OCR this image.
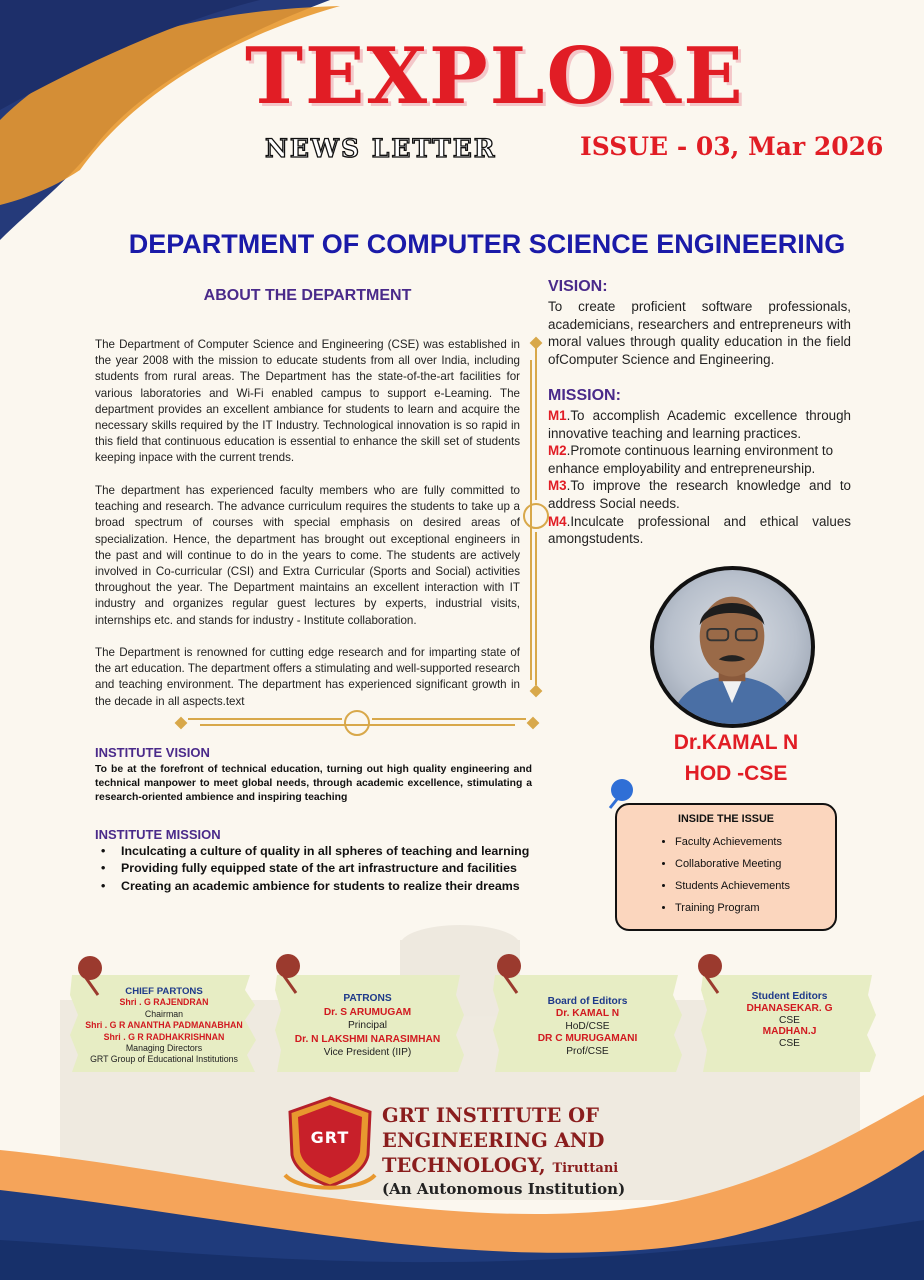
TEXPLORE
NEWS LETTER	ISSUE - 03, Mar 2026
DEPARTMENT OF COMPUTER SCIENCE ENGINEERING
ABOUT THE DEPARTMENT
The Department of Computer Science and Engineering (CSE) was established in the year 2008 with the mission to educate students from all over India, including students from rural areas. The Department has the state-of-the-art facilities for various laboratories and Wi-Fi enabled campus to support e-Leaming. The department provides an excellent ambiance for students to learn and acquire the necessary skills required by the IT Industry. Technological innovation is so rapid in this field that continuous education is essential to enhance the skill set of students keeping inpace with the current trends.
The department has experienced faculty members who are fully committed to teaching and research. The advance curriculum requires the students to take up a broad spectrum of courses with special emphasis on desired areas of specialization. Hence, the department has brought out exceptional engineers in the past and will continue to do in the years to come. The students are actively involved in Co-curricular (CSI) and Extra Curricular (Sports and Social) activities throughout the year. The Department maintains an excellent interaction with IT industry and organizes regular guest lectures by experts, industrial visits, internships etc. and stands for industry - Institute collaboration.
The Department is renowned for cutting edge research and for imparting state of the art education. The department offers a stimulating and well-supported research and teaching environment. The department has experienced significant growth in the decade in all aspects.text
VISION:
To create proficient software professionals, academicians, researchers and entrepreneurs with moral values through quality education in the field ofComputer Science and Engineering.
MISSION:
M1.To accomplish Academic excellence through innovative teaching and learning practices.
M2.Promote continuous learning environment to
enhance employability and entrepreneurship.
M3.To improve the research knowledge and to address Social needs.
M4.Inculcate professional and ethical values amongstudents.
Dr.KAMAL N
HOD -CSE
INSIDE THE ISSUE
• Faculty Achievements
• Collaborative Meeting
• Students Achievements
• Training Program
INSTITUTE VISION
To be at the forefront of technical education, turning out high quality engineering and technical manpower to meet global needs, through academic excellence, stimulating a research-oriented ambience and inspiring teaching
INSTITUTE MISSION
• Inculcating a culture of quality in all spheres of teaching and learning
• Providing fully equipped state of the art infrastructure and facilities
• Creating an academic ambience for students to realize their dreams
CHIEF PARTONS
Shri . G RAJENDRAN
Chairman
Shri . G R ANANTHA PADMANABHAN
Shri . G R RADHAKRISHNAN
Managing Directors
GRT Group of Educational Institutions
PATRONS
Dr. S ARUMUGAM
Principal
Dr. N LAKSHMI NARASIMHAN
Vice President (IIP)
Board of Editors
Dr. KAMAL N
HoD/CSE
DR C MURUGAMANI
Prof/CSE
Student Editors
DHANASEKAR. G
CSE
MADHAN.J
CSE
GRT
GRT INSTITUTE OF
ENGINEERING AND
TECHNOLOGY, Tiruttani
(An Autonomous Institution)
